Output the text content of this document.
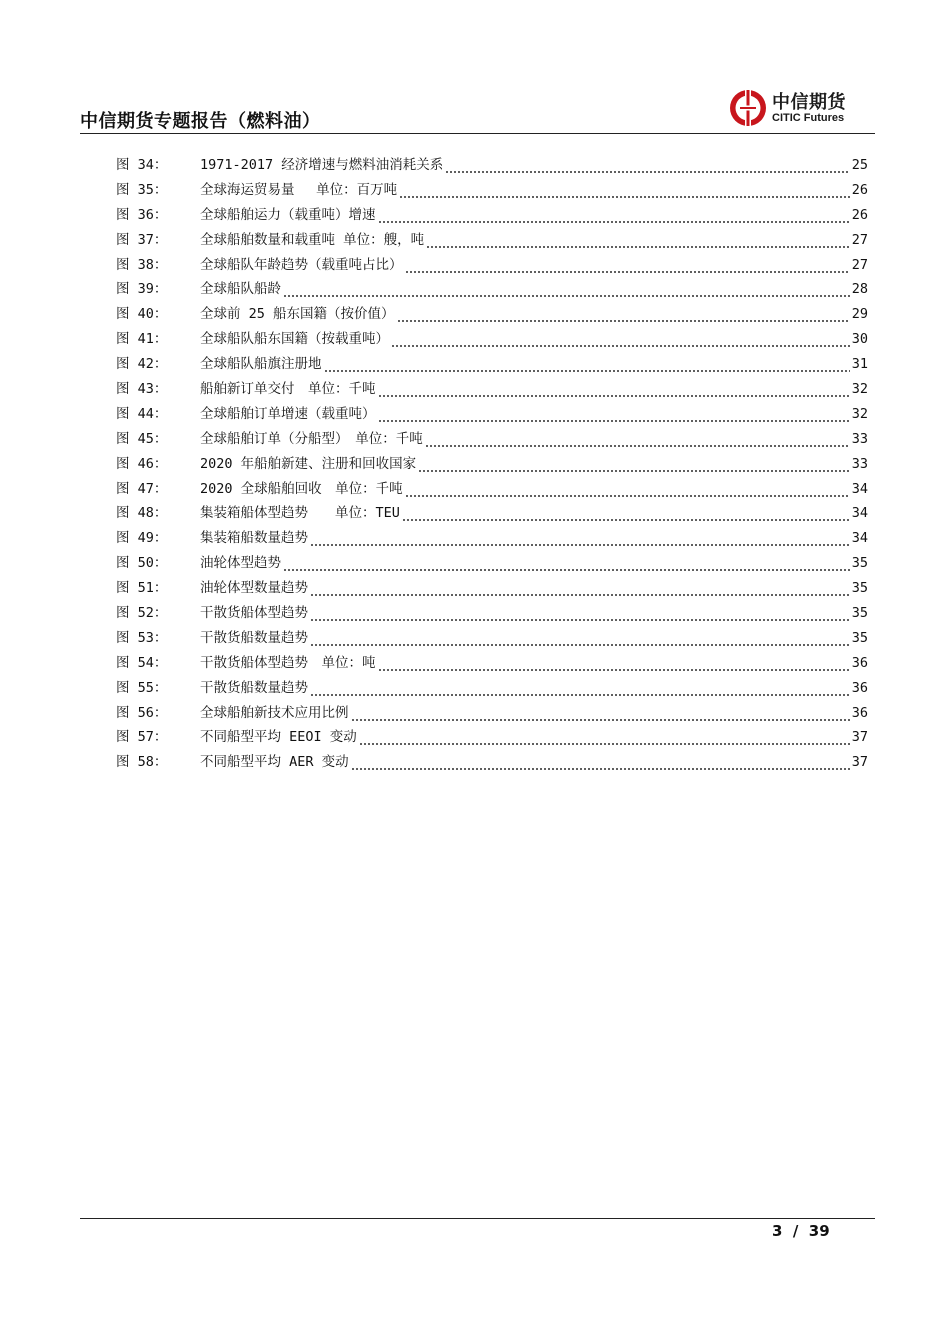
中信期货专题报告（燃料油）
中信期货
CITIC Futures
图 34：	1971-2017 经济增速与燃料油消耗关系	25
图 35：	全球海运贸易量　 单位：百万吨	26
图 36：	全球船舶运力（载重吨）增速	26
图 37：	全球船舶数量和载重吨 单位：艘，吨	27
图 38：	全球船队年龄趋势（载重吨占比）	27
图 39：	全球船队船龄	28
图 40：	全球前 25 船东国籍（按价值）	29
图 41：	全球船队船东国籍（按载重吨）	30
图 42：	全球船队船旗注册地	31
图 43：	船舶新订单交付　单位：千吨	32
图 44：	全球船舶订单增速（载重吨）	32
图 45：	全球船舶订单（分船型）　单位：千吨	33
图 46：	2020 年船舶新建、注册和回收国家	33
图 47：	2020 全球船舶回收　单位：千吨	34
图 48：	集装箱船体型趋势　　单位：TEU	34
图 49：	集装箱船数量趋势	34
图 50：	油轮体型趋势	35
图 51：	油轮体型数量趋势	35
图 52：	干散货船体型趋势	35
图 53：	干散货船数量趋势	35
图 54：	干散货船体型趋势　单位：吨	36
图 55：	干散货船数量趋势	36
图 56：	全球船舶新技术应用比例	36
图 57：	不同船型平均 EEOI 变动	37
图 58：	不同船型平均 AER 变动	37
3  /  39
